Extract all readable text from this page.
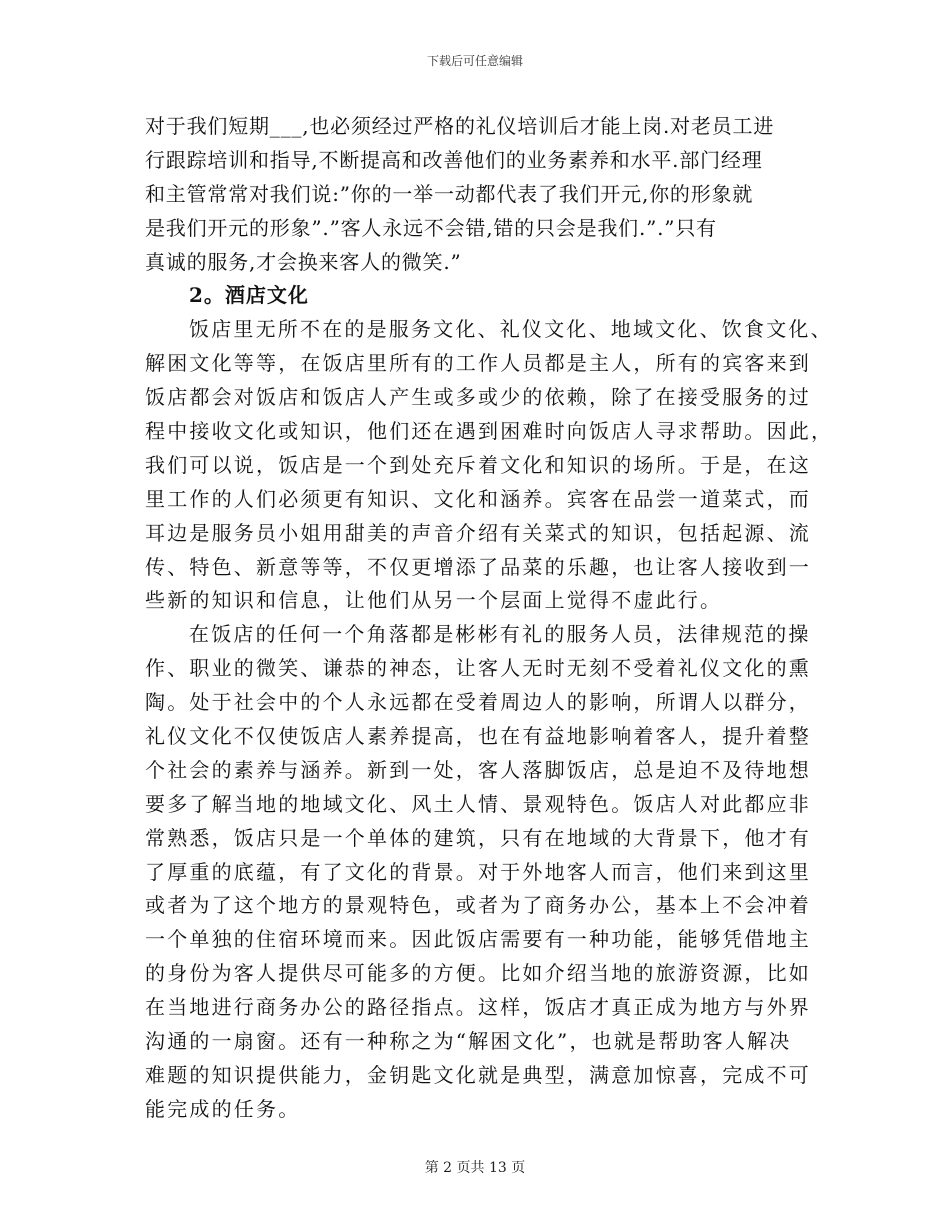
下载后可任意编辑
对于我们短期___,也必须经过严格的礼仪培训后才能上岗.对老员工进
行跟踪培训和指导,不断提高和改善他们的业务素养和水平.部门经理
和主管常常对我们说:”你的一举一动都代表了我们开元,你的形象就
是我们开元的形象”.”客人永远不会错,错的只会是我们.”.”只有
真诚的服务,才会换来客人的微笑.”
2。酒店文化
饭店里无所不在的是服务文化、礼仪文化、地域文化、饮食文化、
解困文化等等，在饭店里所有的工作人员都是主人，所有的宾客来到
饭店都会对饭店和饭店人产生或多或少的依赖，除了在接受服务的过
程中接收文化或知识，他们还在遇到困难时向饭店人寻求帮助。因此，
我们可以说，饭店是一个到处充斥着文化和知识的场所。于是，在这
里工作的人们必须更有知识、文化和涵养。宾客在品尝一道菜式，而
耳边是服务员小姐用甜美的声音介绍有关菜式的知识，包括起源、流
传、特色、新意等等，不仅更增添了品菜的乐趣，也让客人接收到一
些新的知识和信息，让他们从另一个层面上觉得不虚此行。
在饭店的任何一个角落都是彬彬有礼的服务人员，法律规范的操
作、职业的微笑、谦恭的神态，让客人无时无刻不受着礼仪文化的熏
陶。处于社会中的个人永远都在受着周边人的影响，所谓人以群分，
礼仪文化不仅使饭店人素养提高，也在有益地影响着客人，提升着整
个社会的素养与涵养。新到一处，客人落脚饭店，总是迫不及待地想
要多了解当地的地域文化、风土人情、景观特色。饭店人对此都应非
常熟悉，饭店只是一个单体的建筑，只有在地域的大背景下，他才有
了厚重的底蕴，有了文化的背景。对于外地客人而言，他们来到这里
或者为了这个地方的景观特色，或者为了商务办公，基本上不会冲着
一个单独的住宿环境而来。因此饭店需要有一种功能，能够凭借地主
的身份为客人提供尽可能多的方便。比如介绍当地的旅游资源，比如
在当地进行商务办公的路径指点。这样，饭店才真正成为地方与外界
沟通的一扇窗。还有一种称之为“解困文化”，也就是帮助客人解决
难题的知识提供能力，金钥匙文化就是典型，满意加惊喜，完成不可
能完成的任务。
第 2 页共 13 页
